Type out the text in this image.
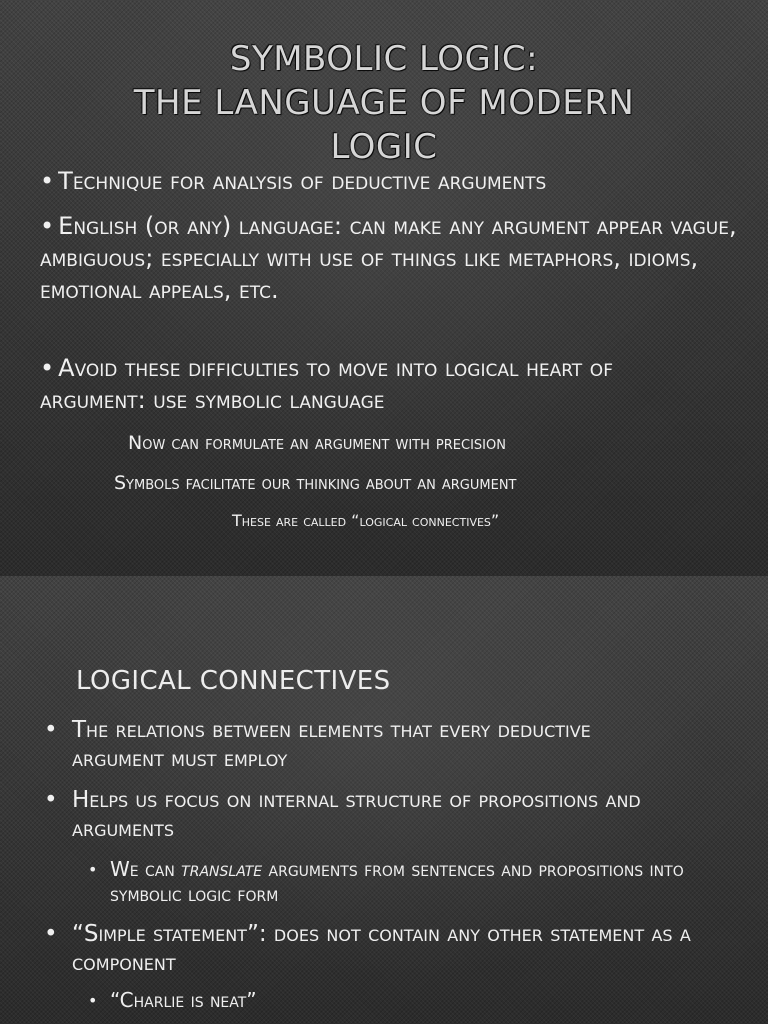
SYMBOLIC LOGIC:
THE LANGUAGE OF MODERN
LOGIC
• Technique for analysis of deductive arguments
• English (or any) language: can make any argument appear vague, ambiguous; especially with use of things like metaphors, idioms, emotional appeals, etc.
• Avoid these difficulties to move into logical heart of argument: use symbolic language
Now can formulate an argument with precision
Symbols facilitate our thinking about an argument
These are called “logical connectives”
LOGICAL CONNECTIVES
• The relations between elements that every deductive argument must employ
• Helps us focus on internal structure of propositions and arguments
• We can translate arguments from sentences and propositions into symbolic logic form
• “Simple statement”: does not contain any other statement as a component
• “Charlie is neat”
